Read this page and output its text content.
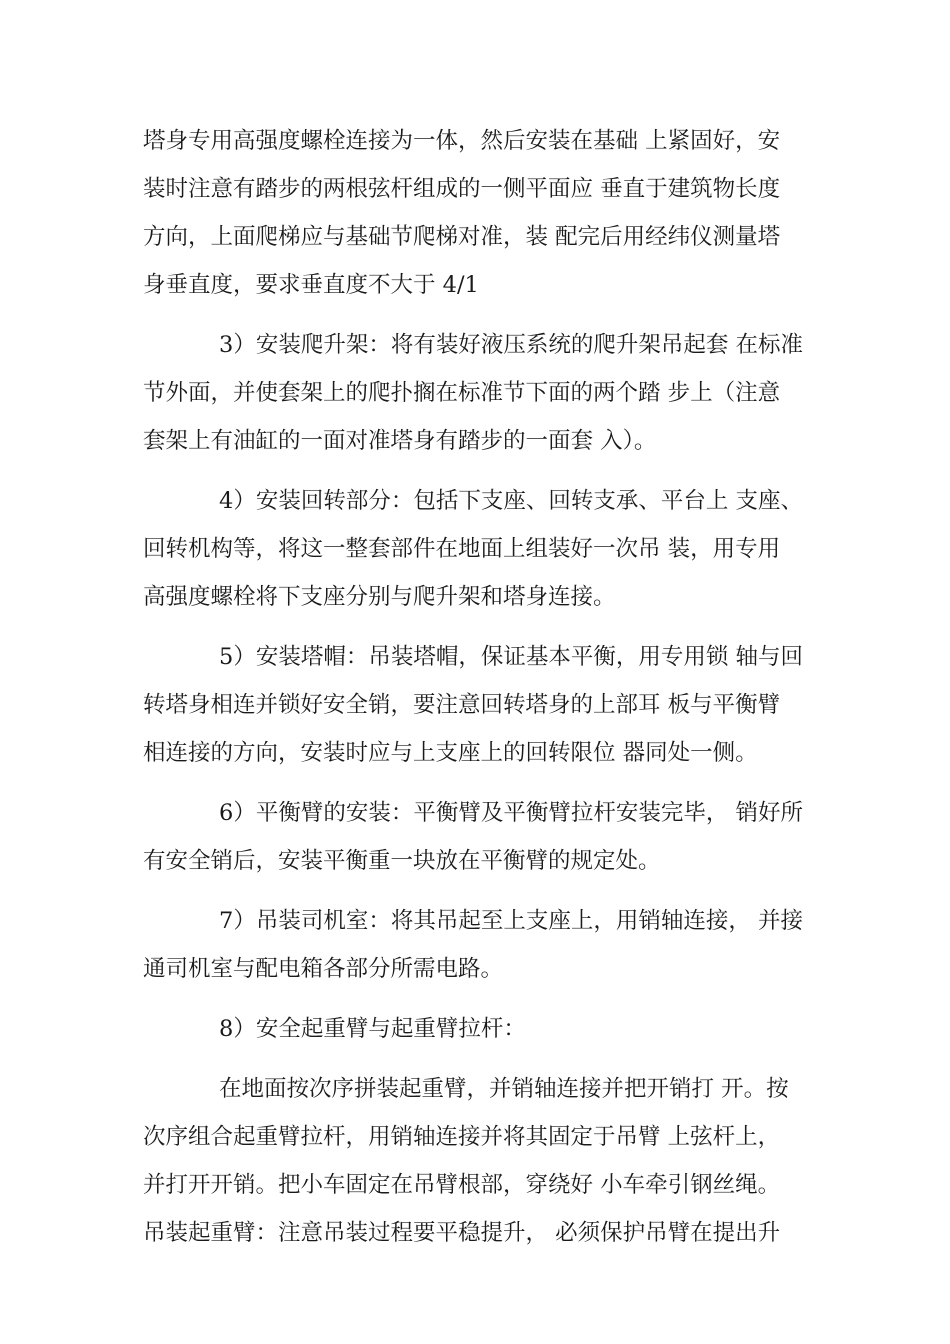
塔身专用高强度螺栓连接为一体，然后安装在基础 上紧固好，安
装时注意有踏步的两根弦杆组成的一侧平面应 垂直于建筑物长度
方向，上面爬梯应与基础节爬梯对准，装 配完后用经纬仪测量塔
身垂直度，要求垂直度不大于 4/1

3）安装爬升架：将有装好液压系统的爬升架吊起套 在标准
节外面，并使套架上的爬扑搁在标准节下面的两个踏 步上（注意
套架上有油缸的一面对准塔身有踏步的一面套 入）。

4）安装回转部分：包括下支座、回转支承、平台上 支座、
回转机构等，将这一整套部件在地面上组装好一次吊 装，用专用
高强度螺栓将下支座分别与爬升架和塔身连接。

5）安装塔帽：吊装塔帽，保证基本平衡，用专用锁 轴与回
转塔身相连并锁好安全销，要注意回转塔身的上部耳 板与平衡臂
相连接的方向，安装时应与上支座上的回转限位 器同处一侧。

6）平衡臂的安装：平衡臂及平衡臂拉杆安装完毕， 销好所
有安全销后，安装平衡重一块放在平衡臂的规定处。

7）吊装司机室：将其吊起至上支座上，用销轴连接， 并接
通司机室与配电箱各部分所需电路。

8）安全起重臂与起重臂拉杆：

在地面按次序拼装起重臂，并销轴连接并把开销打 开。按
次序组合起重臂拉杆，用销轴连接并将其固定于吊臂 上弦杆上，
并打开开销。把小车固定在吊臂根部，穿绕好 小车牵引钢丝绳。
吊装起重臂：注意吊装过程要平稳提升， 必须保护吊臂在提出升
